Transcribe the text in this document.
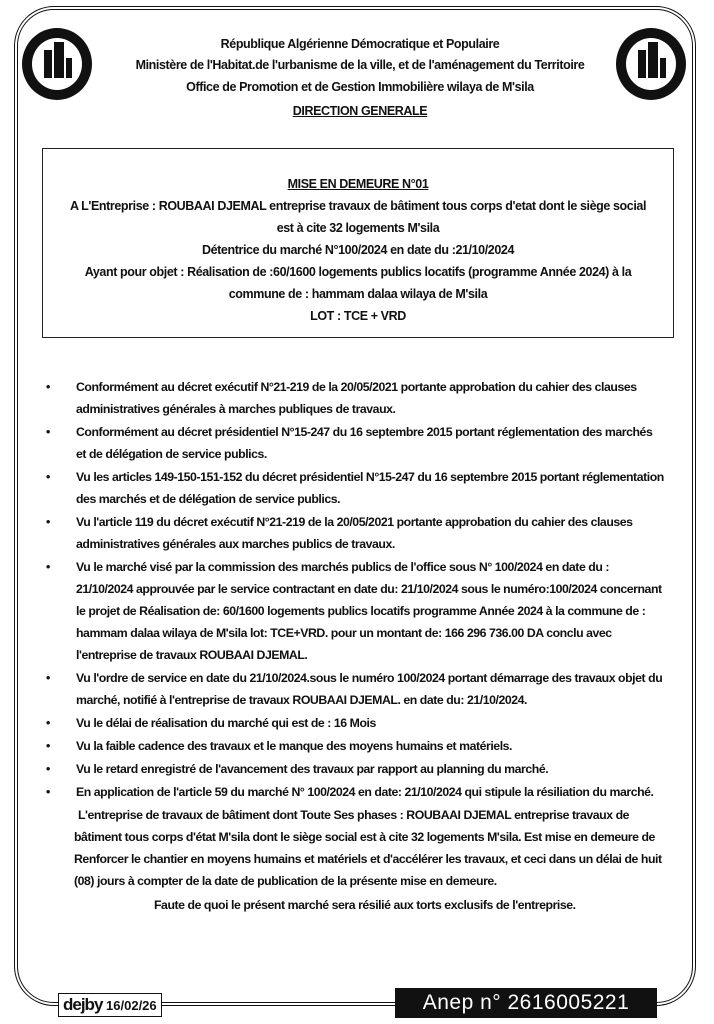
République Algérienne Démocratique et Populaire
Ministère de l'Habitat.de l'urbanisme de la ville, et de l'aménagement du Territoire
Office de Promotion et de Gestion Immobilière wilaya de M'sila
DIRECTION GENERALE
MISE EN DEMEURE N°01
A L'Entreprise : ROUBAAI DJEMAL entreprise travaux de bâtiment tous corps d'etat dont le siège social
est à cite 32 logements M'sila
Détentrice du marché N°100/2024 en date du :21/10/2024
Ayant pour objet : Réalisation de :60/1600 logements publics locatifs (programme Année 2024) à la
commune de : hammam dalaa wilaya de M'sila
LOT : TCE + VRD
•	Conformément au décret exécutif N°21-219 de la 20/05/2021 portante approbation du cahier des clauses administratives générales à marches publiques de travaux.
•	Conformément au décret présidentiel N°15-247 du 16 septembre 2015 portant réglementation des marchés et de délégation de service publics.
•	Vu les articles 149-150-151-152 du décret présidentiel N°15-247 du 16 septembre 2015 portant réglementation des marchés et de délégation de service publics.
•	Vu l'article 119 du décret exécutif N°21-219 de la 20/05/2021 portante approbation du cahier des clauses administratives générales aux marches publics de travaux.
•	Vu le marché visé par la commission des marchés publics de l'office sous N° 100/2024 en date du : 21/10/2024 approuvée par le service contractant en date du: 21/10/2024 sous le numéro:100/2024 concernant le projet de Réalisation de: 60/1600 logements publics locatifs programme Année 2024 à la commune de : hammam dalaa wilaya de M'sila lot: TCE+VRD. pour un montant de: 166 296 736.00 DA conclu avec l'entreprise de travaux ROUBAAI DJEMAL.
•	Vu l'ordre de service en date du 21/10/2024.sous le numéro 100/2024 portant démarrage des travaux objet du marché, notifié à l'entreprise de travaux ROUBAAI DJEMAL. en date du: 21/10/2024.
•	Vu le délai de réalisation du marché qui est de : 16 Mois
•	Vu la faible cadence des travaux et le manque des moyens humains et matériels.
•	Vu le retard enregistré de l'avancement des travaux par rapport au planning du marché.
•	En application de l'article 59 du marché N° 100/2024 en date: 21/10/2024 qui stipule la résiliation du marché.
L'entreprise de travaux de bâtiment dont Toute Ses phases : ROUBAAI DJEMAL entreprise travaux de bâtiment tous corps d'état M'sila dont le siège social est à cite 32 logements M'sila. Est mise en demeure de Renforcer le chantier en moyens humains et matériels et d'accélérer les travaux, et ceci dans un délai de huit (08) jours à compter de la date de publication de la présente mise en demeure.
Faute de quoi le présent marché sera résilié aux torts exclusifs de l'entreprise.
dejby 16/02/26	Anep n° 2616005221
